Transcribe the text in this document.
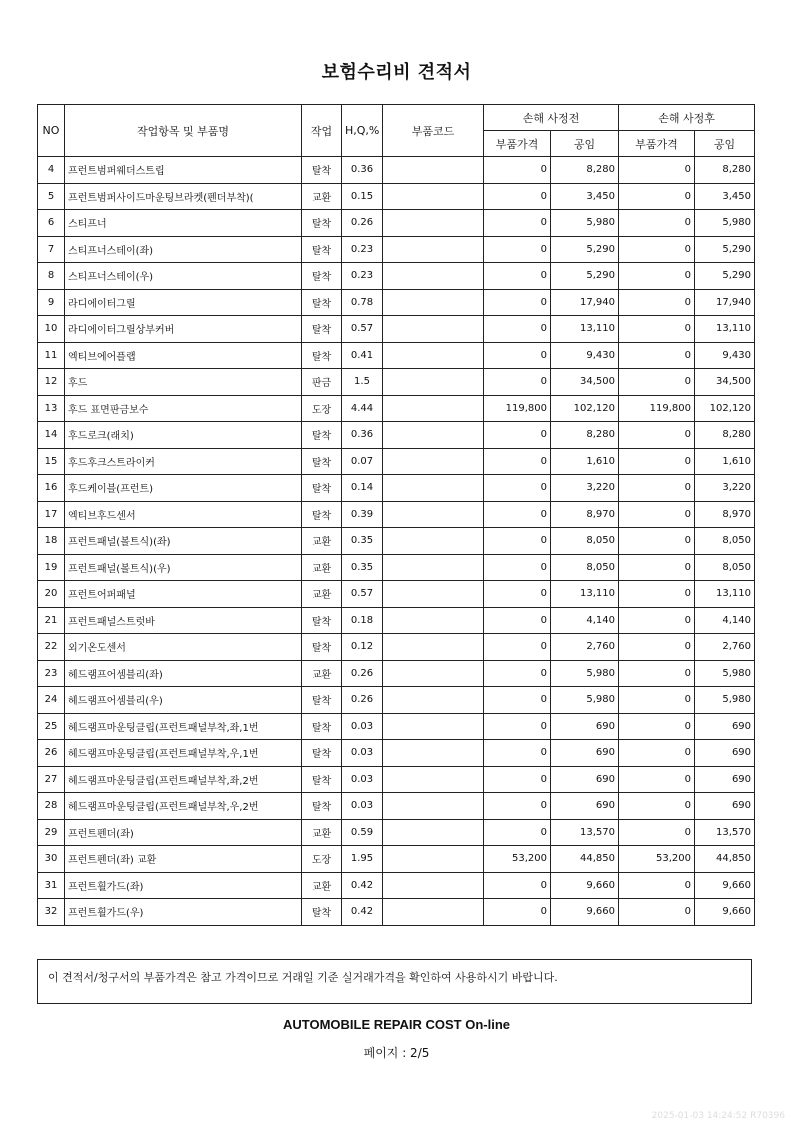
보험수리비 견적서
NO	작업항목 및 부품명	작업	H,Q,%	부품코드	손해 사정전		손해 사정후	
					부품가격	공임	부품가격	공임
4	프런트범퍼웨더스트립	탈착	0.36		0	8,280	0	8,280
5	프런트범퍼사이드마운팅브라켓(펜더부착)(	교환	0.15		0	3,450	0	3,450
6	스티프너	탈착	0.26		0	5,980	0	5,980
7	스티프너스테이(좌)	탈착	0.23		0	5,290	0	5,290
8	스티프너스테이(우)	탈착	0.23		0	5,290	0	5,290
9	라디에이터그릴	탈착	0.78		0	17,940	0	17,940
10	라디에이터그릴상부커버	탈착	0.57		0	13,110	0	13,110
11	엑티브에어플랩	탈착	0.41		0	9,430	0	9,430
12	후드	판금	1.5		0	34,500	0	34,500
13	후드 표면판금보수	도장	4.44		119,800	102,120	119,800	102,120
14	후드로크(래치)	탈착	0.36		0	8,280	0	8,280
15	후드후크스트라이커	탈착	0.07		0	1,610	0	1,610
16	후드케이블(프런트)	탈착	0.14		0	3,220	0	3,220
17	엑티브후드센서	탈착	0.39		0	8,970	0	8,970
18	프런트패널(볼트식)(좌)	교환	0.35		0	8,050	0	8,050
19	프런트패널(볼트식)(우)	교환	0.35		0	8,050	0	8,050
20	프런트어퍼패널	교환	0.57		0	13,110	0	13,110
21	프런트패널스트럿바	탈착	0.18		0	4,140	0	4,140
22	외기온도센서	탈착	0.12		0	2,760	0	2,760
23	헤드램프어셈블리(좌)	교환	0.26		0	5,980	0	5,980
24	헤드램프어셈블리(우)	탈착	0.26		0	5,980	0	5,980
25	헤드램프마운팅클립(프런트패널부착,좌,1번	탈착	0.03		0	690	0	690
26	헤드램프마운팅클립(프런트패널부착,우,1번	탈착	0.03		0	690	0	690
27	헤드램프마운팅클립(프런트패널부착,좌,2번	탈착	0.03		0	690	0	690
28	헤드램프마운팅클립(프런트패널부착,우,2번	탈착	0.03		0	690	0	690
29	프런트펜더(좌)	교환	0.59		0	13,570	0	13,570
30	프런트펜더(좌) 교환	도장	1.95		53,200	44,850	53,200	44,850
31	프런트휠가드(좌)	교환	0.42		0	9,660	0	9,660
32	프런트휠가드(우)	탈착	0.42		0	9,660	0	9,660
이 견적서/청구서의 부품가격은 참고 가격이므로 거래일 기준 실거래가격을 확인하여 사용하시기 바랍니다.
AUTOMOBILE REPAIR COST On-line
페이지 : 2/5
2025-01-03 14:24:52 R70396
